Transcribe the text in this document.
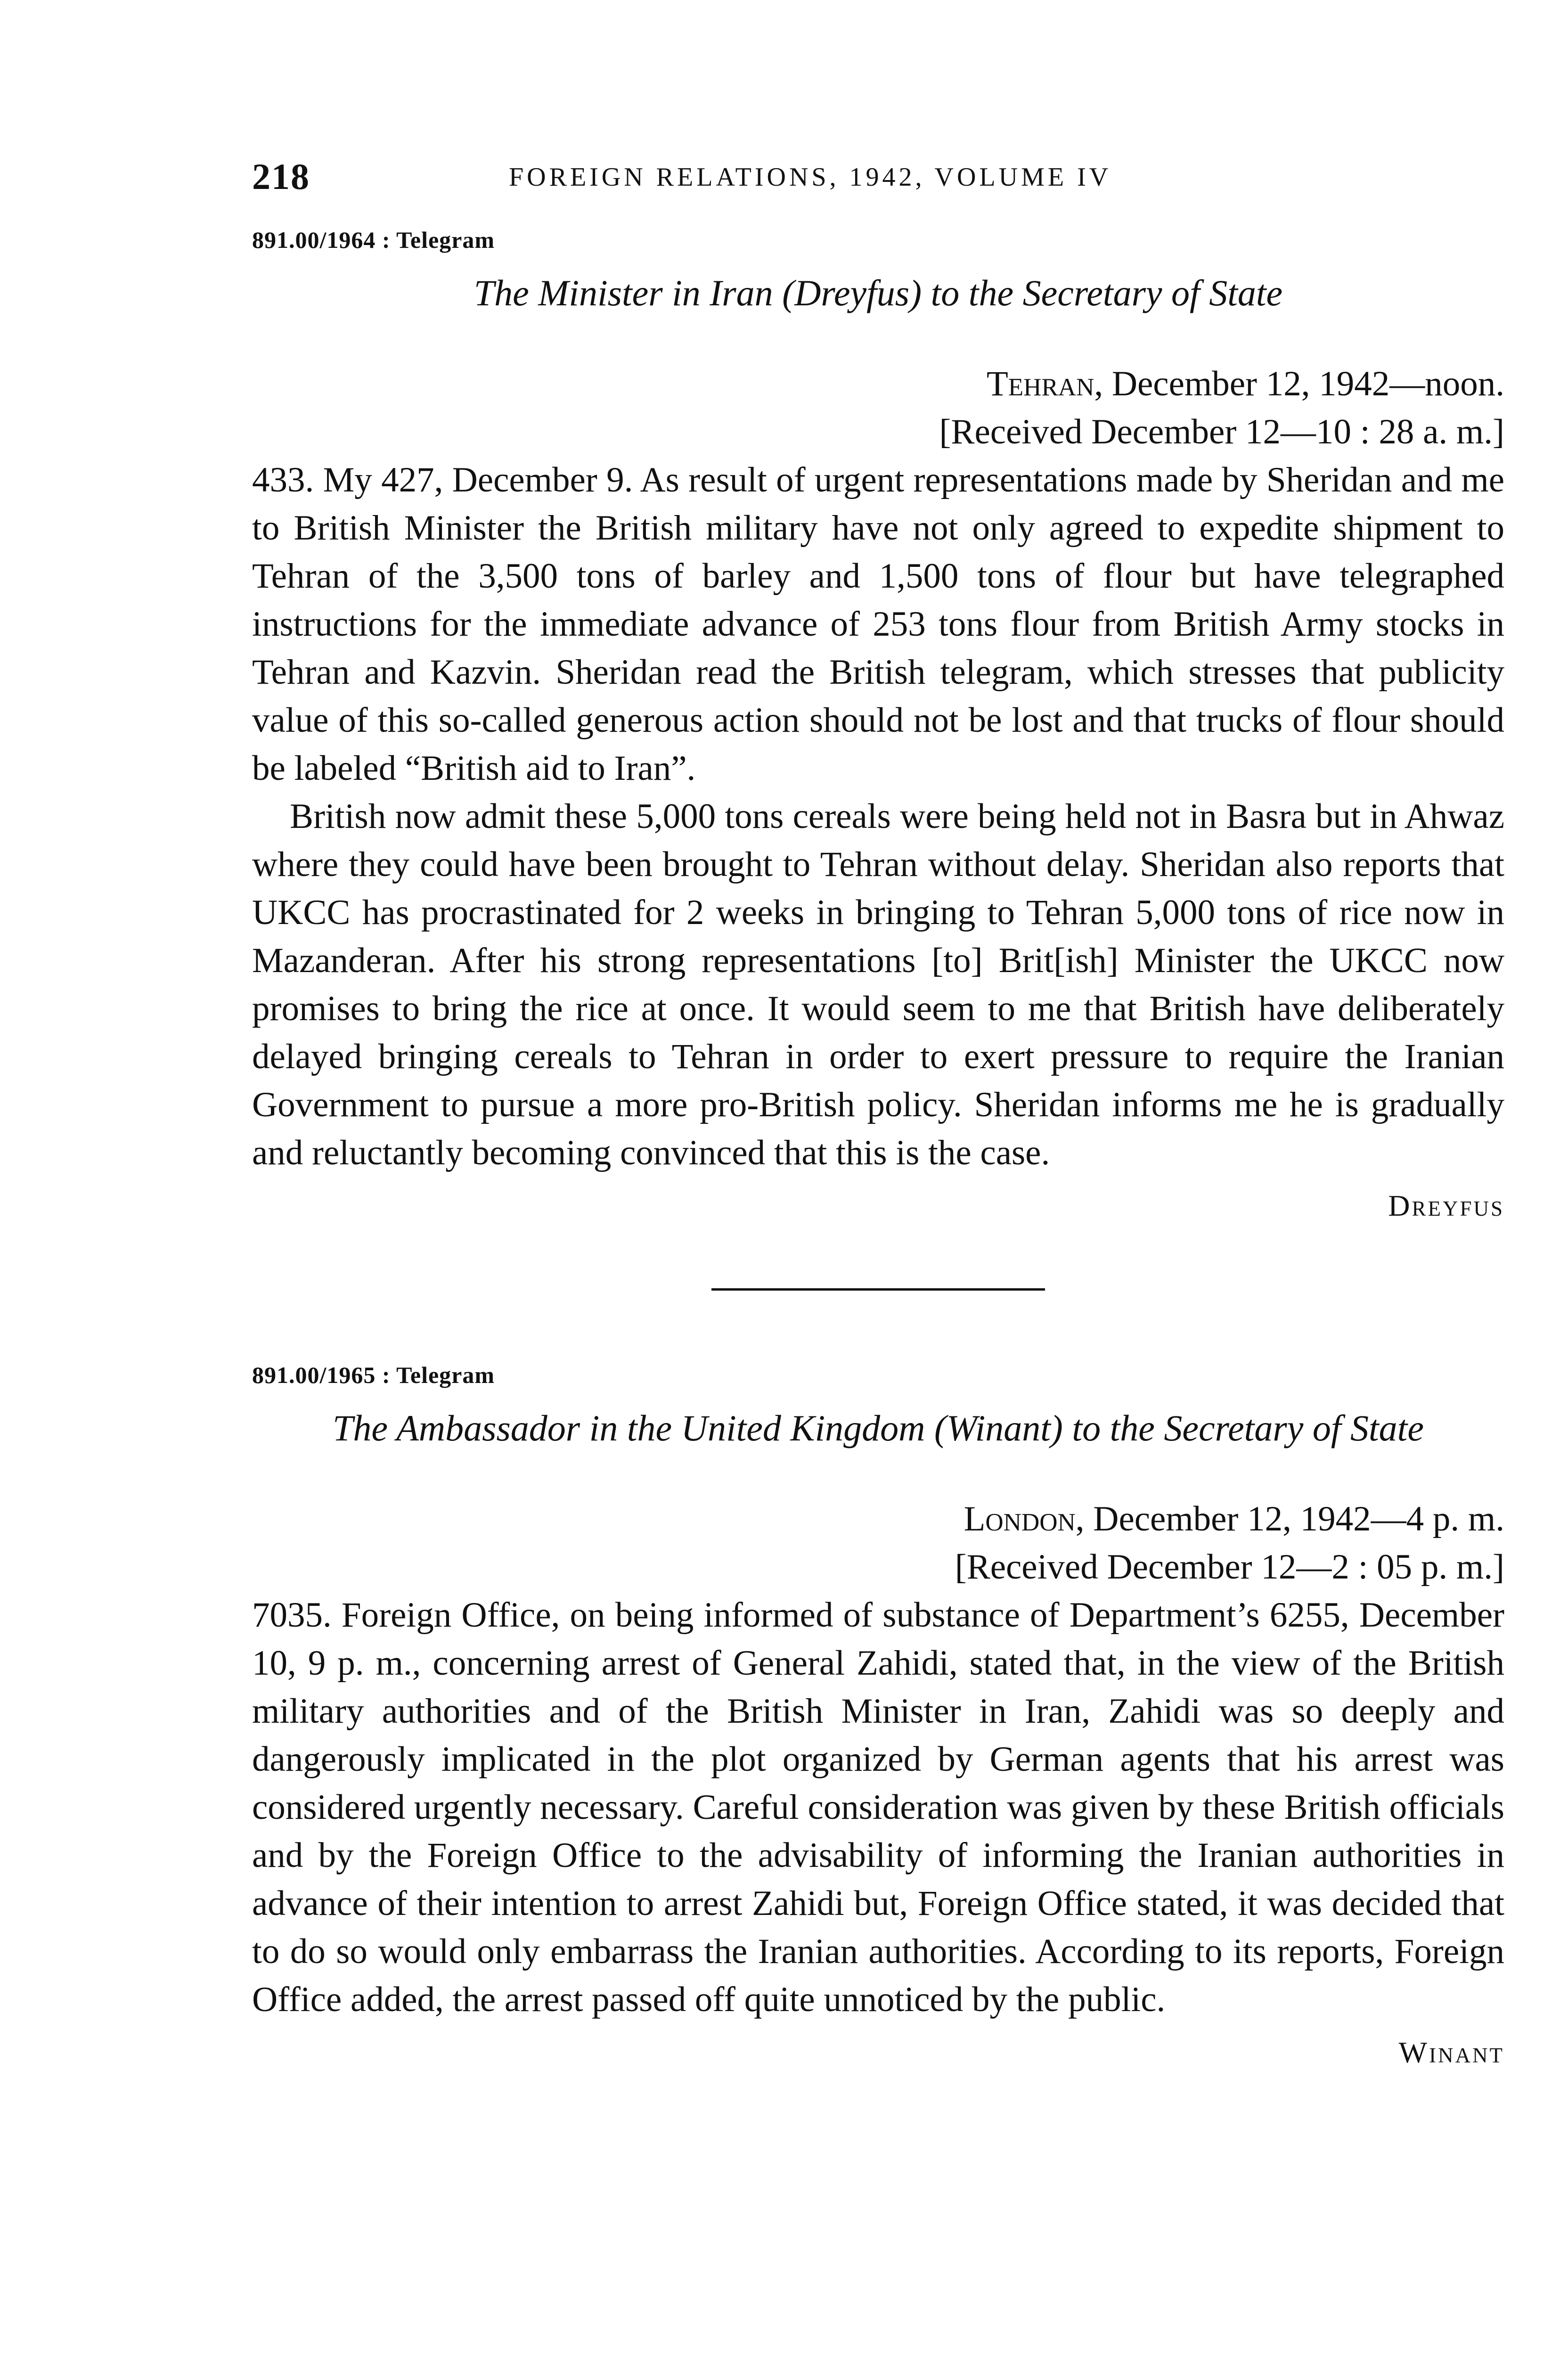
218	FOREIGN RELATIONS, 1942, VOLUME IV
891.00/1964 : Telegram
The Minister in Iran (Dreyfus) to the Secretary of State
Tehran, December 12, 1942—noon.
[Received December 12—10 : 28 a. m.]

433. My 427, December 9. As result of urgent representations made by Sheridan and me to British Minister the British military have not only agreed to expedite shipment to Tehran of the 3,500 tons of barley and 1,500 tons of flour but have telegraphed instructions for the immediate advance of 253 tons flour from British Army stocks in Tehran and Kazvin. Sheridan read the British telegram, which stresses that publicity value of this so-called generous action should not be lost and that trucks of flour should be labeled “British aid to Iran”.

British now admit these 5,000 tons cereals were being held not in Basra but in Ahwaz where they could have been brought to Tehran without delay. Sheridan also reports that UKCC has procrastinated for 2 weeks in bringing to Tehran 5,000 tons of rice now in Mazanderan. After his strong representations [to] Brit[ish] Minister the UKCC now promises to bring the rice at once. It would seem to me that British have deliberately delayed bringing cereals to Tehran in order to exert pressure to require the Iranian Government to pursue a more pro-British policy. Sheridan informs me he is gradually and reluctantly becoming convinced that this is the case.

Dreyfus
891.00/1965 : Telegram
The Ambassador in the United Kingdom (Winant) to the Secretary of State
London, December 12, 1942—4 p. m.
[Received December 12—2 : 05 p. m.]

7035. Foreign Office, on being informed of substance of Department’s 6255, December 10, 9 p. m., concerning arrest of General Zahidi, stated that, in the view of the British military authorities and of the British Minister in Iran, Zahidi was so deeply and dangerously implicated in the plot organized by German agents that his arrest was considered urgently necessary. Careful consideration was given by these British officials and by the Foreign Office to the advisability of informing the Iranian authorities in advance of their intention to arrest Zahidi but, Foreign Office stated, it was decided that to do so would only embarrass the Iranian authorities. According to its reports, Foreign Office added, the arrest passed off quite unnoticed by the public.

Winant
